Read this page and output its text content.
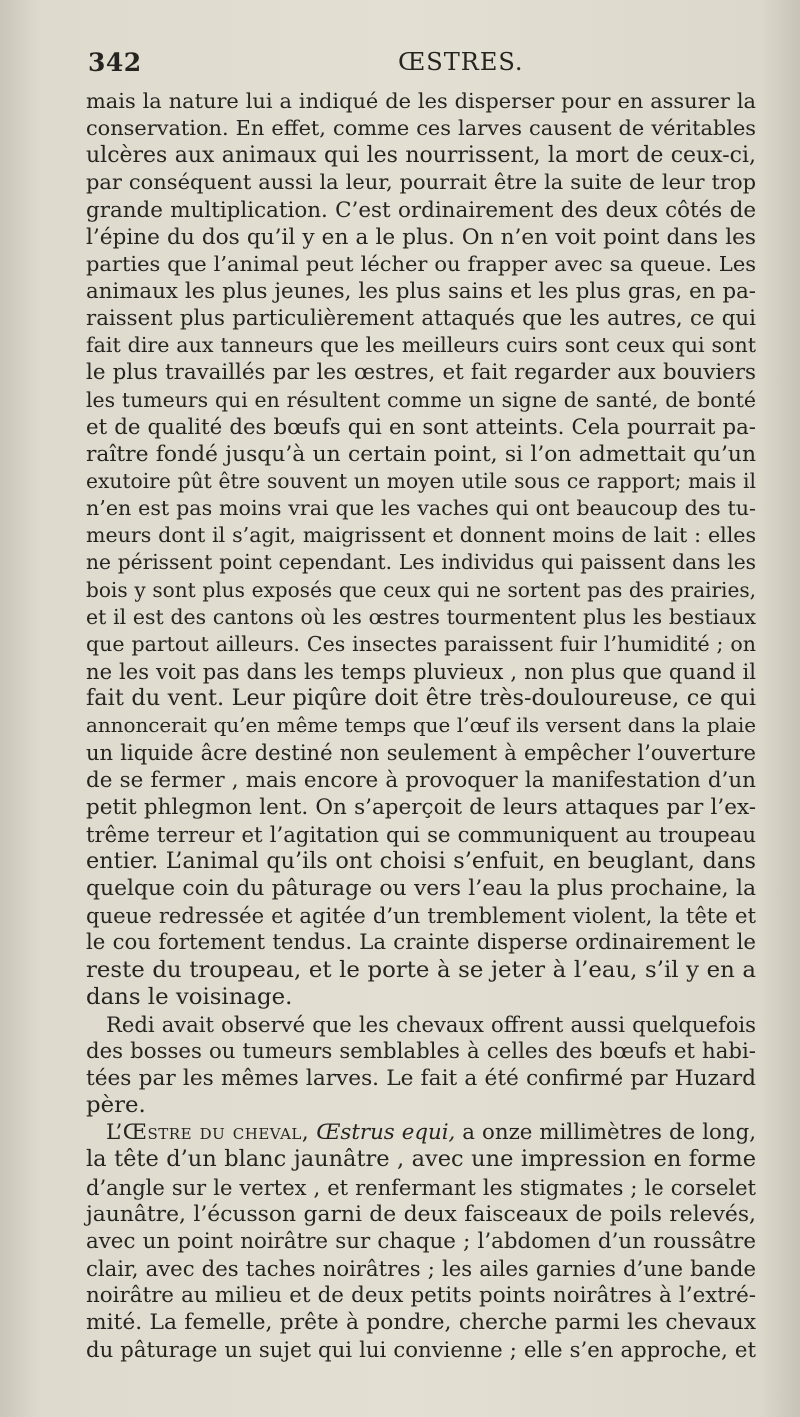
342	ŒSTRES.
mais la nature lui a indiqué de les disperser pour en assurer la
conservation. En effet, comme ces larves causent de véritables
ulcères aux animaux qui les nourrissent, la mort de ceux-ci,
par conséquent aussi la leur, pourrait être la suite de leur trop
grande multiplication. C’est ordinairement des deux côtés de
l’épine du dos qu’il y en a le plus. On n’en voit point dans les
parties que l’animal peut lécher ou frapper avec sa queue. Les
animaux les plus jeunes, les plus sains et les plus gras, en pa-
raissent plus particulièrement attaqués que les autres, ce qui
fait dire aux tanneurs que les meilleurs cuirs sont ceux qui sont
le plus travaillés par les œstres, et fait regarder aux bouviers
les tumeurs qui en résultent comme un signe de santé, de bonté
et de qualité des bœufs qui en sont atteints. Cela pourrait pa-
raître fondé jusqu’à un certain point, si l’on admettait qu’un
exutoire pût être souvent un moyen utile sous ce rapport; mais il
n’en est pas moins vrai que les vaches qui ont beaucoup des tu-
meurs dont il s’agit, maigrissent et donnent moins de lait : elles
ne périssent point cependant. Les individus qui paissent dans les
bois y sont plus exposés que ceux qui ne sortent pas des prairies,
et il est des cantons où les œstres tourmentent plus les bestiaux
que partout ailleurs. Ces insectes paraissent fuir l’humidité ; on
ne les voit pas dans les temps pluvieux , non plus que quand il
fait du vent. Leur piqûre doit être très-douloureuse, ce qui
annoncerait qu’en même temps que l’œuf ils versent dans la plaie
un liquide âcre destiné non seulement à empêcher l’ouverture
de se fermer , mais encore à provoquer la manifestation d’un
petit phlegmon lent. On s’aperçoit de leurs attaques par l’ex-
trême terreur et l’agitation qui se communiquent au troupeau
entier. L’animal qu’ils ont choisi s’enfuit, en beuglant, dans
quelque coin du pâturage ou vers l’eau la plus prochaine, la
queue redressée et agitée d’un tremblement violent, la tête et
le cou fortement tendus. La crainte disperse ordinairement le
reste du troupeau, et le porte à se jeter à l’eau, s’il y en a
dans le voisinage.
Redi avait observé que les chevaux offrent aussi quelquefois
des bosses ou tumeurs semblables à celles des bœufs et habi-
tées par les mêmes larves. Le fait a été confirmé par Huzard
père.
L’Œstre du cheval, Œstrus equi, a onze millimètres de long,
la tête d’un blanc jaunâtre , avec une impression en forme
d’angle sur le vertex , et renfermant les stigmates ; le corselet
jaunâtre, l’écusson garni de deux faisceaux de poils relevés,
avec un point noirâtre sur chaque ; l’abdomen d’un roussâtre
clair, avec des taches noirâtres ; les ailes garnies d’une bande
noirâtre au milieu et de deux petits points noirâtres à l’extré-
mité. La femelle, prête à pondre, cherche parmi les chevaux
du pâturage un sujet qui lui convienne ; elle s’en approche, et
